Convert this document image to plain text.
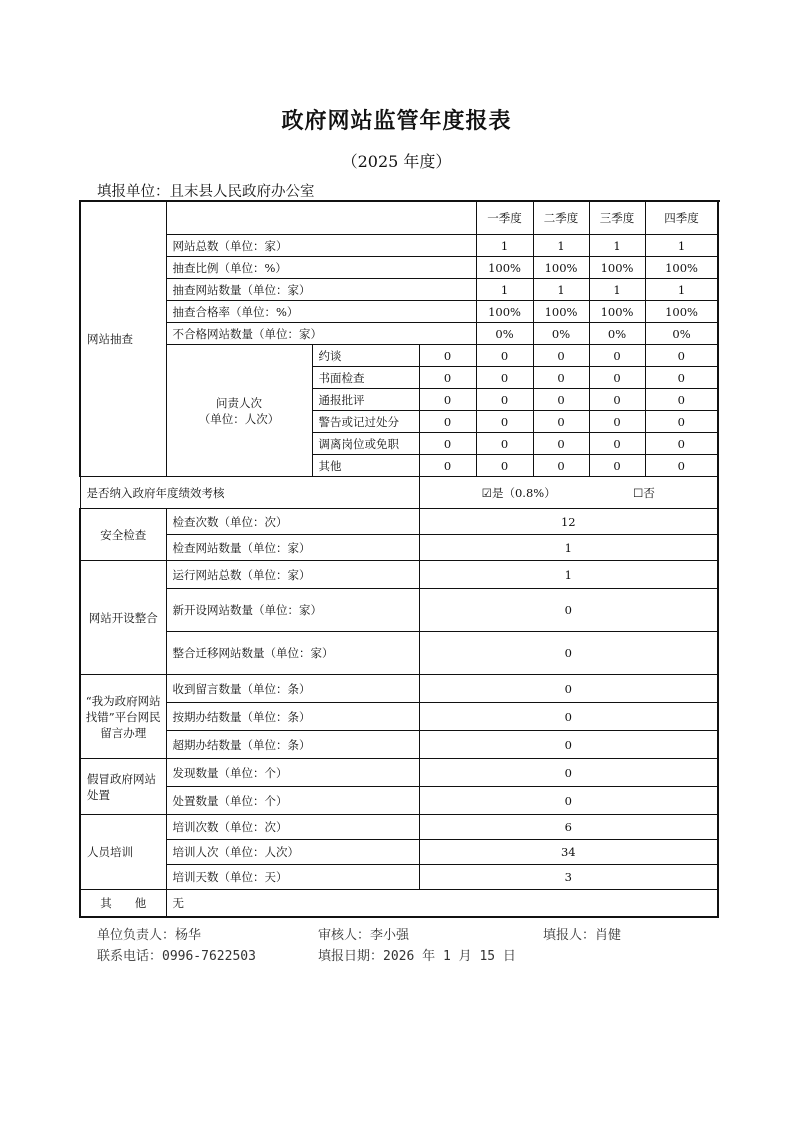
政府网站监管年度报表
（2025 年度）
填报单位：且末县人民政府办公室
网站抽查				一季度	二季度	三季度	四季度	
	网站总数（单位：家）			1	1	1	1	

	抽查比例（单位：%）			100%	100%	100%	100%	
	抽查网站数量（单位：家）			1	1	1	1	
	抽查合格率（单位：%）			100%	100%	100%	100%	
	不合格网站数量（单位：家）			0%	0%	0%	0%	

	问责人次
（单位：人次）	约谈	0	0	0	0	0	
		书面检查	0	0	0	0	0	
		通报批评	0	0	0	0	0	
		警告或记过处分	0	0	0	0	0	
		调离岗位或免职	0	0	0	0	0	
		其他	0	0	0	0	0	
是否纳入政府年度绩效考核			☑是（0.8%） ☐否					
安全检查	检查次数（单位：次）		12					
	检查网站数量（单位：家）		1					
网站开设整合	运行网站总数（单位：家）		1					
	新开设网站数量（单位：家）		0					
	整合迁移网站数量（单位：家）		0					
“我为政府网站找错”平台网民留言办理	收到留言数量（单位：条）		0					
	按期办结数量（单位：条）		0					
	超期办结数量（单位：条）		0					
假冒政府网站处置	发现数量（单位：个）		0					
	处置数量（单位：个）		0					
人员培训	培训次数（单位：次）		6					
	培训人次（单位：人次）		34					
	培训天数（单位：天）		3					
其　　他	无							
单位负责人：杨华	审核人：李小强	填报人：肖健
联系电话：0996-7622503	填报日期：2026 年 1 月 15 日
